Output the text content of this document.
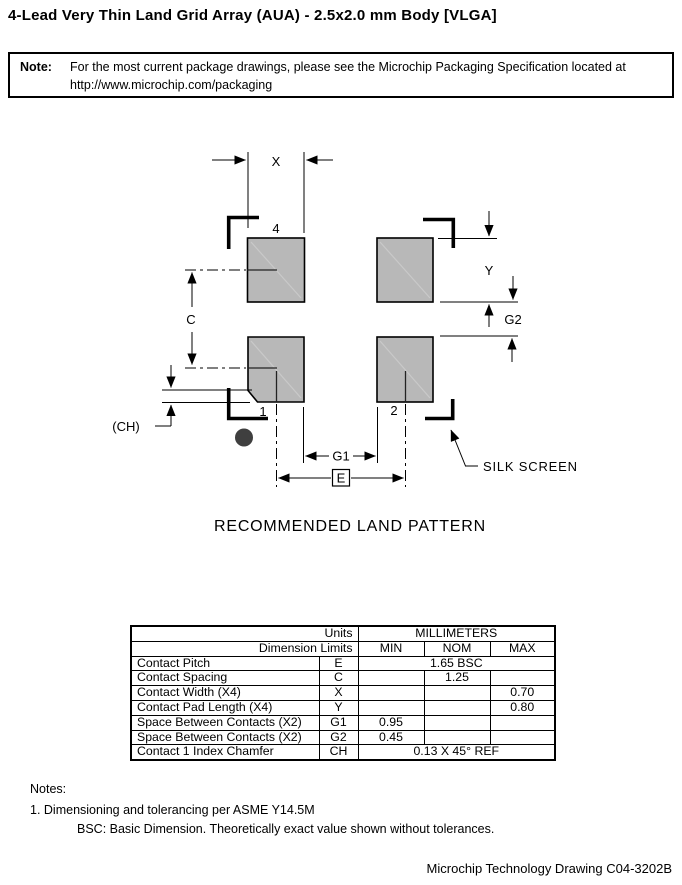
4-Lead Very Thin Land Grid Array (AUA) - 2.5x2.0 mm Body [VLGA]
Note: For the most current package drawings, please see the Microchip Packaging Specification located at
http://www.microchip.com/packaging
X
4
Y
G2
C
(CH)
1	2
G1
E
SILK SCREEN
RECOMMENDED LAND PATTERN
Units		MILLIMETERS		
Dimension Limits		MIN	NOM	MAX
Contact Pitch	E	1.65 BSC		
Contact Spacing	C		1.25	
Contact Width (X4)	X			0.70
Contact Pad Length (X4)	Y			0.80
Space Between Contacts (X2)	G1	0.95		
Space Between Contacts (X2)	G2	0.45		
Contact 1 Index Chamfer	CH	0.13 X 45° REF		
Notes:
1. Dimensioning and tolerancing per ASME Y14.5M
BSC: Basic Dimension. Theoretically exact value shown without tolerances.
Microchip Technology Drawing C04-3202B
